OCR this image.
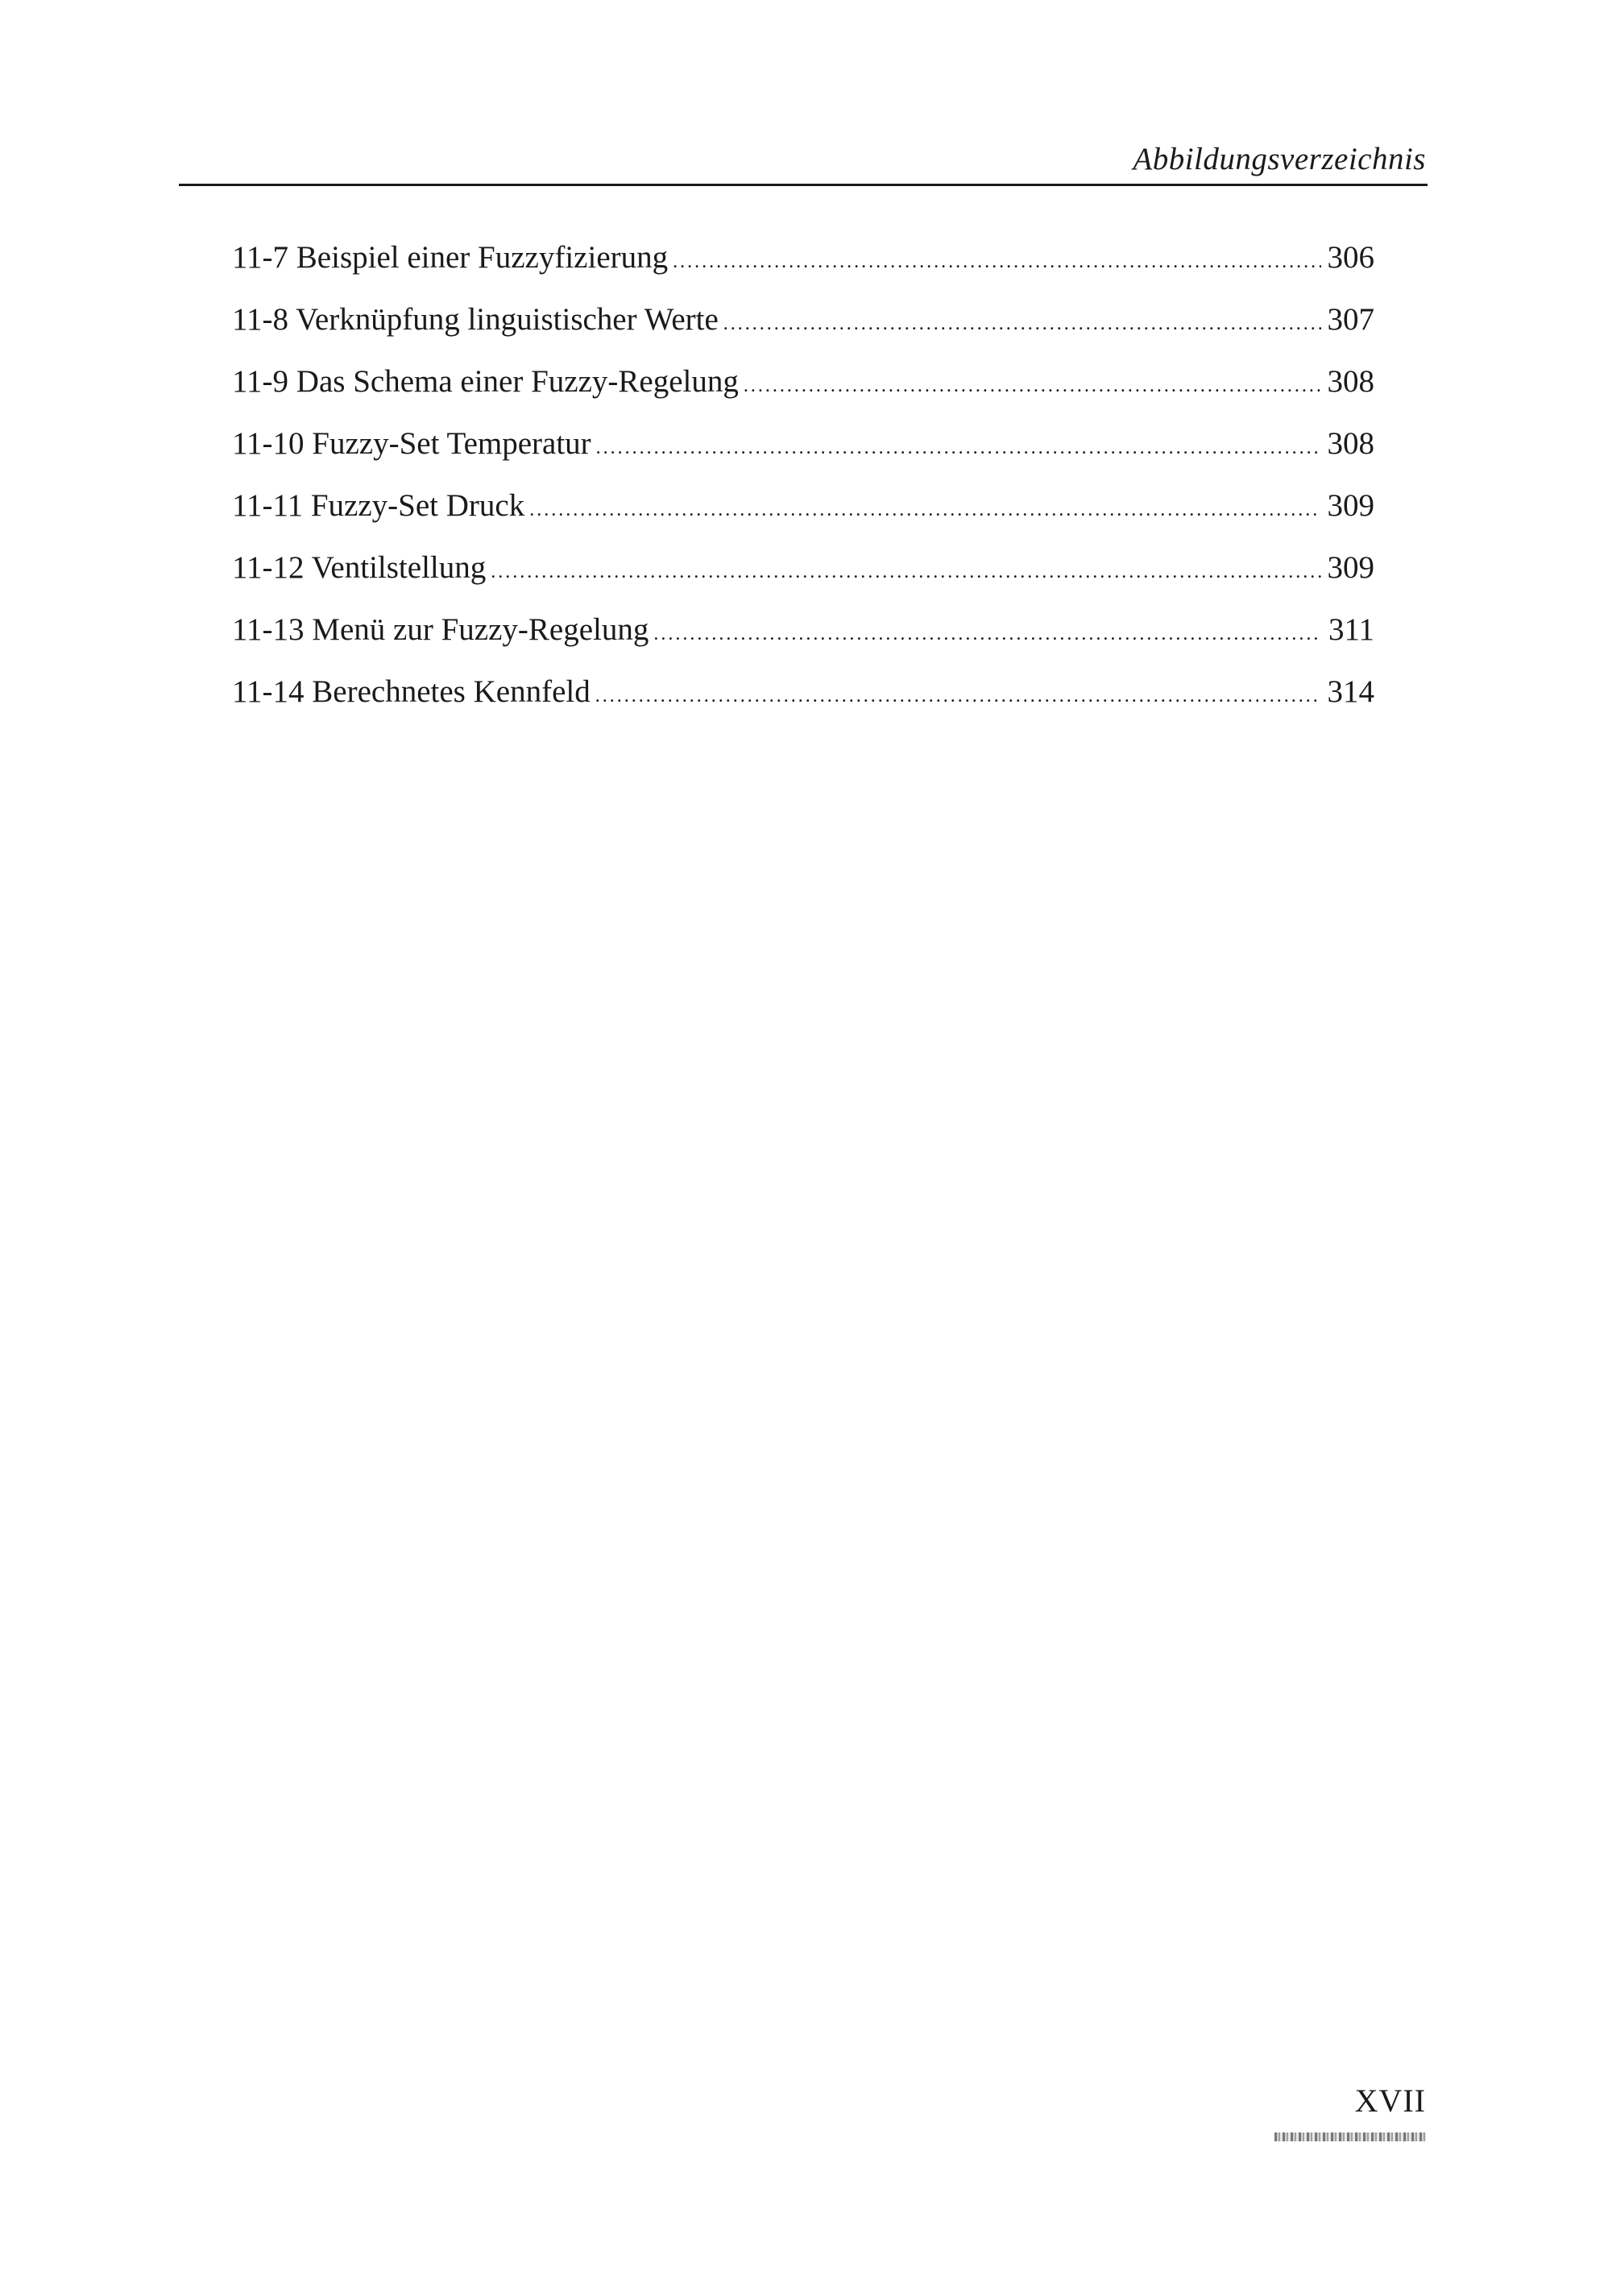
Abbildungsverzeichnis
11-7 Beispiel einer Fuzzyfizierung .....	306
11-8 Verknüpfung linguistischer Werte .....	307
11-9 Das Schema einer Fuzzy-Regelung .....	308
11-10 Fuzzy-Set Temperatur .....	308
11-11 Fuzzy-Set Druck .....	309
11-12 Ventilstellung .....	309
11-13 Menü zur Fuzzy-Regelung .....	311
11-14 Berechnetes Kennfeld .....	314
XVII
